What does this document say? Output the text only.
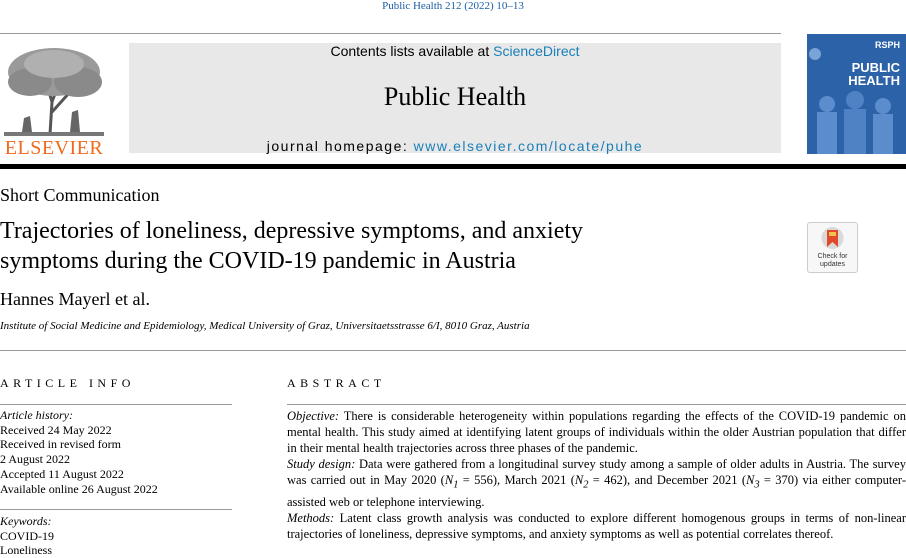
Public Health 212 (2022) 10–13
ELSEVIER
Contents lists available at ScienceDirect
Public Health
journal homepage: www.elsevier.com/locate/puhe
RSPH
PUBLIC HEALTH
Short Communication
Trajectories of loneliness, depressive symptoms, and anxiety
symptoms during the COVID-19 pandemic in Austria	Check for updates
Hannes Mayerl et al.
Institute of Social Medicine and Epidemiology, Medical University of Graz, Universitaetsstrasse 6/I, 8010 Graz, Austria
ARTICLE INFO
Article history:
Received 24 May 2022
Received in revised form
2 August 2022
Accepted 11 August 2022
Available online 26 August 2022
Keywords:
COVID-19
Loneliness
ABSTRACT

Objective: There is considerable heterogeneity within populations regarding the effects of the COVID-19 pandemic on mental health. This study aimed at identifying latent groups of individuals within the older Austrian population that differ in their mental health trajectories across three phases of the pandemic.

Study design: Data were gathered from a longitudinal survey study among a sample of older adults in Austria. The survey was carried out in May 2020 $(N_1 = 556)$, March 2021 $(N_2 = 462)$, and December 2021 $(N_3 = 370)$ via either computer-assisted web or telephone interviewing.

Methods: Latent class growth analysis was conducted to explore different homogenous groups in terms of non-linear trajectories of loneliness, depressive symptoms, and anxiety symptoms as well as potential correlates thereof.
